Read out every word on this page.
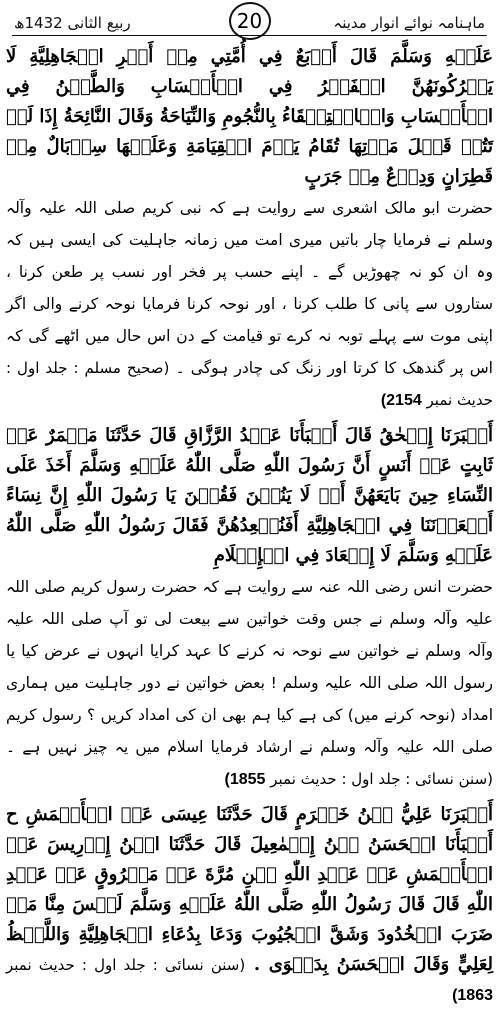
ماہنامہ نوائے انوار مدینہ
20
ربیع الثانی 1432ھ

عَلَيۡهِ وَسَلَّمَ قَالَ أَرۡبَعٌ فِي أُمَّتِي مِنۡ أَمۡرِ الۡجَاهِلِيَّةِ لَا يَتۡرُكُونَهُنَّ الۡفَخۡرُ فِي الۡأَحۡسَابِ وَالطَّعۡنُ فِي الۡأَنۡسَابِ وَالۡاسۡتِسۡقَاءُ بِالنُّجُومِ وَالنِّيَاحَةُ وَقَالَ النَّائِحَةُ إِذَا لَمۡ تَتُبۡ قَبۡلَ مَوۡتِهَا تُقَامُ يَوۡمَ الۡقِيَامَةِ وَعَلَيۡهَا سِرۡبَالٌ مِنۡ قَطِرَانٍ وَدِرۡعٌ مِنۡ جَرَبٍ

حضرت ابو مالک اشعری سے روایت ہے کہ نبی کریم صلی اللہ علیہ وآلہ وسلم نے فرمایا چار باتیں میری امت میں زمانہ جاہلیت کی ایسی ہیں کہ وہ ان کو نہ چھوڑیں گے ۔ اپنے حسب پر فخر اور نسب پر طعن کرنا ، ستاروں سے پانی کا طلب کرنا ، اور نوحہ کرنا فرمایا نوحہ کرنے والی اگر اپنی موت سے پہلے توبہ نہ کرے تو قیامت کے دن اس حال میں اٹھے گی کہ اس پر گندھک کا کرتا اور زنگ کی چادر ہوگی ۔ (صحیح مسلم : جلد اول : حدیث نمبر 2154)

أَخۡبَرَنَا إِسۡحٰقُ قَالَ أَنۡبَأَنَا عَبۡدُ الرَّزَّاقِ قَالَ حَدَّثَنَا مَعۡمَرٌ عَنۡ ثَابِتٍ عَنۡ أَنَسٍ أَنَّ رَسُولَ اللّٰهِ صَلَّى اللّٰهُ عَلَيۡهِ وَسَلَّمَ أَخَذَ عَلَى النِّسَاءِ حِينَ بَايَعَهُنَّ أَنۡ لَا يَنُحۡنَ فَقُلۡنَ يَا رَسُولَ اللّٰهِ إِنَّ نِسَاءً أَسۡعَدۡنَنَا فِي الۡجَاهِلِيَّةِ أَفَنُسۡعِدُهُنَّ فَقَالَ رَسُولُ اللّٰهِ صَلَّى اللّٰهُ عَلَيۡهِ وَسَلَّمَ لَا إِسۡعَادَ فِي الۡإِسۡلَامِ

حضرت انس رضی اللہ عنہ سے روایت ہے کہ حضرت رسول کریم صلی اللہ علیہ وآلہ وسلم نے جس وقت خواتین سے بیعت لی تو آپ صلی اللہ علیہ وآلہ وسلم نے خواتین سے نوحہ نہ کرنے کا عہد کرایا انہوں نے عرض کیا یا رسول اللہ صلی اللہ علیہ وسلم ! بعض خواتین نے دور جاہلیت میں ہماری امداد (نوحہ کرنے میں) کی ہے کیا ہم بھی ان کی امداد کریں ؟ رسول کریم صلی اللہ علیہ وآلہ وسلم نے ارشاد فرمایا اسلام میں یہ چیز نہیں ہے ۔ (سنن نسائی : جلد اول : حدیث نمبر 1855)

أَخۡبَرَنَا عَلِيُّ بۡنُ خَشۡرَمٍ قَالَ حَدَّثَنَا عِيسَى عَنۡ الۡأَعۡمَشِ ح أَنۡبَأَنَا الۡحَسَنُ بۡنُ إِسۡمٰعِيلَ قَالَ حَدَّثَنَا ابۡنُ إِدۡرِيسَ عَنۡ الۡأَعۡمَشِ عَنۡ عَبۡدِ اللّٰهِ بۡنِ مُرَّةَ عَنۡ مَسۡرُوقٍ عَنۡ عَبۡدِ اللّٰهِ قَالَ قَالَ رَسُولُ اللّٰهِ صَلَّى اللّٰهُ عَلَيۡهِ وَسَلَّمَ لَيۡسَ مِنَّا مَنۡ ضَرَبَ الۡخُدُودَ وَشَقَّ الۡجُيُوبَ وَدَعَا بِدُعَاءِ الۡجَاهِلِيَّةِ وَاللَّفۡظُ لِعَلِيٍّ وَقَالَ الۡحَسَنُ بِدَعۡوَى . (سنن نسائی : جلد اول : حدیث نمبر 1863)
